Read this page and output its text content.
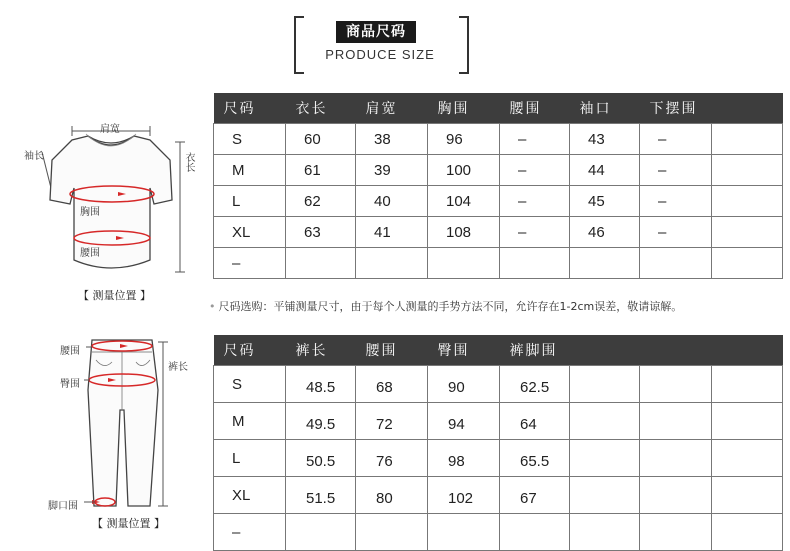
商品尺码
PRODUCE SIZE
肩宽
袖长	衣长
胸围
腰围
【 测量位置 】
尺码	衣长	肩宽	胸围	腰围	袖口	下摆围	
S	60	38	96	–	43	–	
M	61	39	100	–	44	–	
L	62	40	104	–	45	–	
XL	63	41	108	–	46	–	
–							
• 尺码选购：平铺测量尺寸，由于每个人测量的手势方法不同，允许存在1-2cm误差，敬请谅解。
腰围
臀围
裤长
脚口围
【 测量位置 】
尺码	裤长	腰围	臀围	裤脚围			
S	48.5	68	90	62.5			
M	49.5	72	94	64			
L	50.5	76	98	65.5			
XL	51.5	80	102	67			
–							
